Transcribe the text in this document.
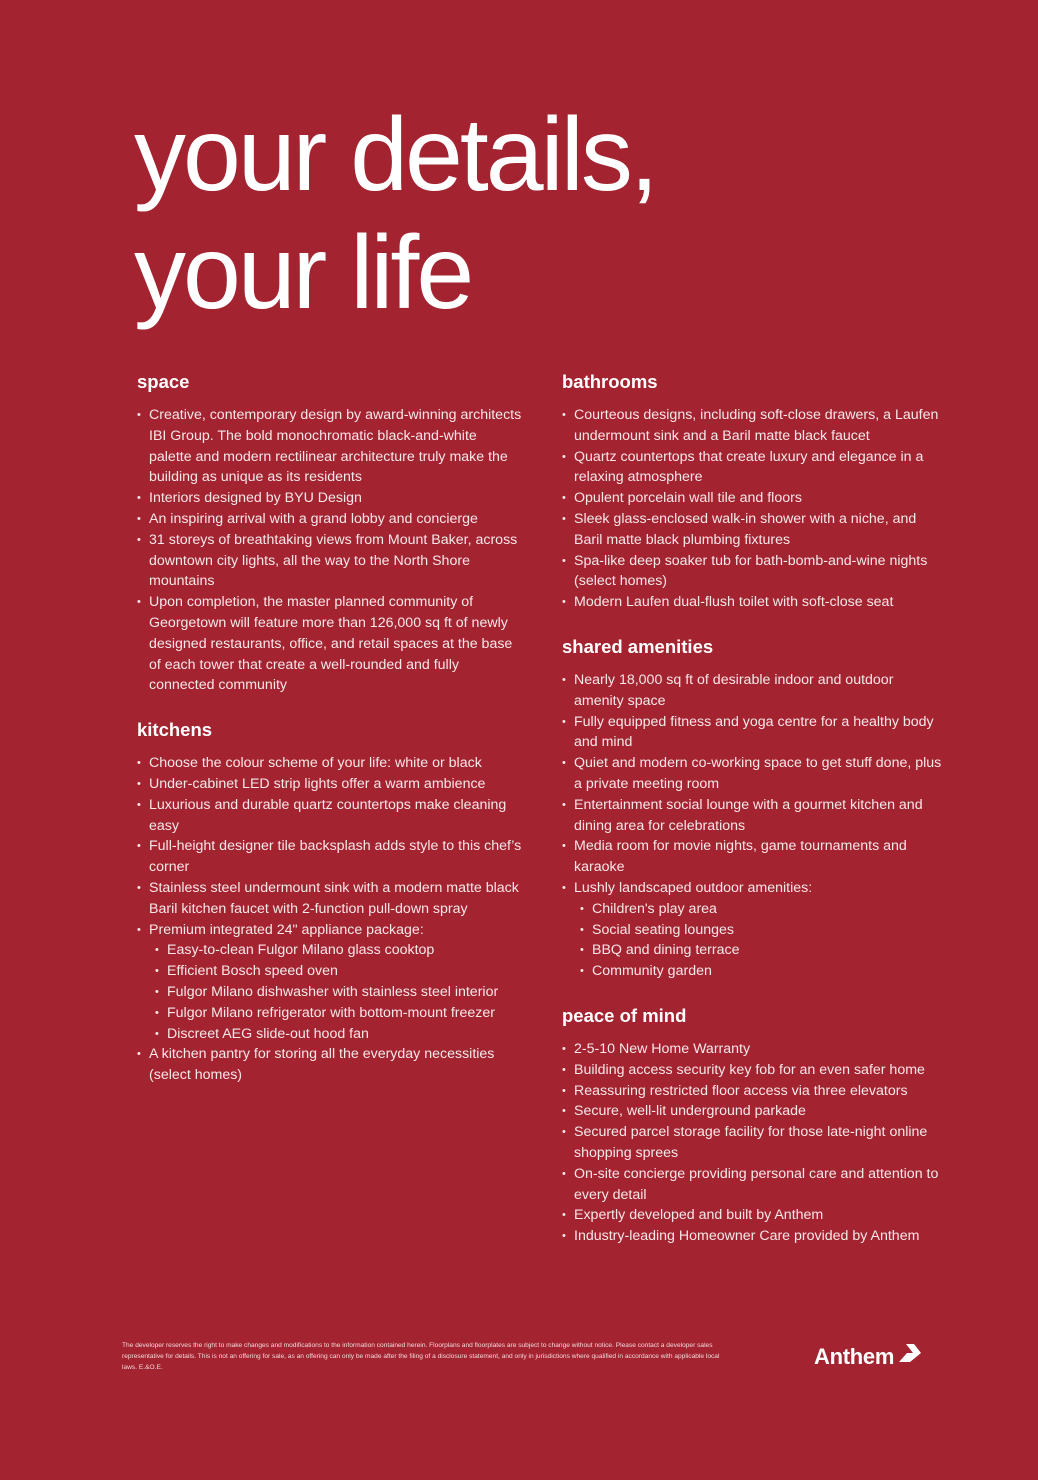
your details,
your life
space
• Creative, contemporary design by award-winning architects IBI Group. The bold monochromatic black-and-white palette and modern rectilinear architecture truly make the building as unique as its residents
• Interiors designed by BYU Design
• An inspiring arrival with a grand lobby and concierge
• 31 storeys of breathtaking views from Mount Baker, across downtown city lights, all the way to the North Shore mountains
• Upon completion, the master planned community of Georgetown will feature more than 126,000 sq ft of newly designed restaurants, office, and retail spaces at the base of each tower that create a well-rounded and fully connected community
kitchens
• Choose the colour scheme of your life: white or black
• Under-cabinet LED strip lights offer a warm ambience
• Luxurious and durable quartz countertops make cleaning easy
• Full-height designer tile backsplash adds style to this chef’s corner
• Stainless steel undermount sink with a modern matte black Baril kitchen faucet with 2-function pull-down spray
• Premium integrated 24" appliance package:
• Easy-to-clean Fulgor Milano glass cooktop
• Efficient Bosch speed oven
• Fulgor Milano dishwasher with stainless steel interior
• Fulgor Milano refrigerator with bottom-mount freezer
• Discreet AEG slide-out hood fan
• A kitchen pantry for storing all the everyday necessities (select homes)
bathrooms
• Courteous designs, including soft-close drawers, a Laufen undermount sink and a Baril matte black faucet
• Quartz countertops that create luxury and elegance in a relaxing atmosphere
• Opulent porcelain wall tile and floors
• Sleek glass-enclosed walk-in shower with a niche, and Baril matte black plumbing fixtures
• Spa-like deep soaker tub for bath-bomb-and-wine nights (select homes)
• Modern Laufen dual-flush toilet with soft-close seat
shared amenities
• Nearly 18,000 sq ft of desirable indoor and outdoor amenity space
• Fully equipped fitness and yoga centre for a healthy body and mind
• Quiet and modern co-working space to get stuff done, plus a private meeting room
• Entertainment social lounge with a gourmet kitchen and dining area for celebrations
• Media room for movie nights, game tournaments and karaoke
• Lushly landscaped outdoor amenities:
• Children's play area
• Social seating lounges
• BBQ and dining terrace
• Community garden
peace of mind
• 2-5-10 New Home Warranty
• Building access security key fob for an even safer home
• Reassuring restricted floor access via three elevators
• Secure, well-lit underground parkade
• Secured parcel storage facility for those late-night online shopping sprees
• On-site concierge providing personal care and attention to every detail
• Expertly developed and built by Anthem
• Industry-leading Homeowner Care provided by Anthem
The developer reserves the right to make changes and modifications to the information contained herein. Floorplans and floorplates are subject to change without notice. Please contact a developer sales representative for details. This is not an offering for sale, as an offering can only be made after the filing of a disclosure statement, and only in jurisdictions where qualified in accordance with applicable local laws. E.&O.E.	Anthem
